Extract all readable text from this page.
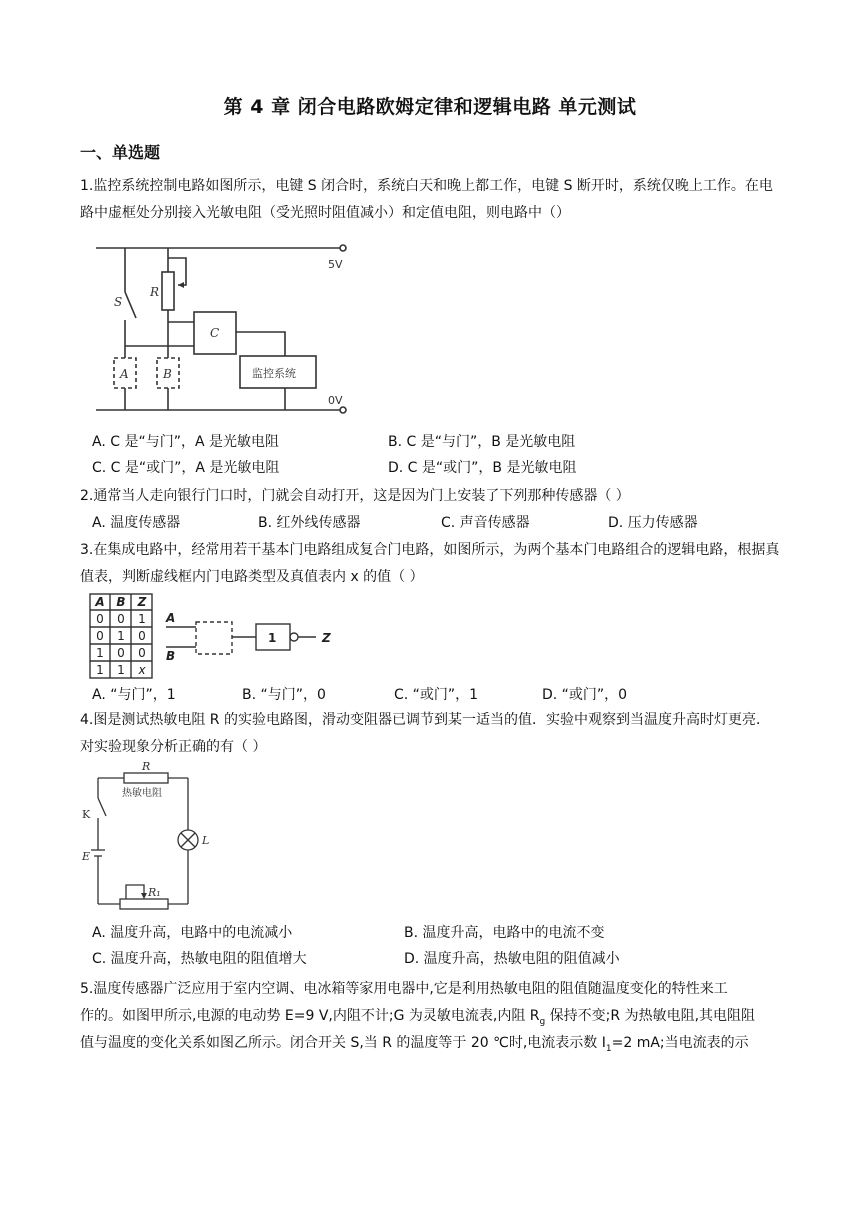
第 4 章 闭合电路欧姆定律和逻辑电路 单元测试
一、单选题
1.监控系统控制电路如图所示，电键 S 闭合时，系统白天和晚上都工作，电键 S 断开时，系统仅晚上工作。在电路中虚框处分别接入光敏电阻（受光照时阻值减小）和定值电阻，则电路中（）
S
R
C
A	B
5V
0V
监控系统
A. C 是“与门”，A 是光敏电阻	B. C 是“与门”，B 是光敏电阻
C. C 是“或门”，A 是光敏电阻	D. C 是“或门”，B 是光敏电阻
2.通常当人走向银行门口时，门就会自动打开，这是因为门上安装了下列那种传感器（ ）
A. 温度传感器	B. 红外线传感器	C. 声音传感器	D. 压力传感器
3.在集成电路中，经常用若干基本门电路组成复合门电路，如图所示，为两个基本门电路组合的逻辑电路，根据真值表，判断虚线框内门电路类型及真值表内 x 的值（ ）
A B Z
0 0 1
0 1 0
1 0 0
1 1 x
A
B
1	Z
A. “与门”，1	B. “与门”，0	C. “或门”，1	D. “或门”，0
4.图是测试热敏电阻 R 的实验电路图，滑动变阻器已调节到某一适当的值．实验中观察到当温度升高时灯更亮．对实验现象分析正确的有（ ）
R
K
E
L
R₁
热敏电阻
A. 温度升高，电路中的电流减小	B. 温度升高，电路中的电流不变
C. 温度升高，热敏电阻的阻值增大	D. 温度升高，热敏电阻的阻值减小
5.温度传感器广泛应用于室内空调、电冰箱等家用电器中,它是利用热敏电阻的阻值随温度变化的特性来工
作的。如图甲所示,电源的电动势 E=9 V,内阻不计;G 为灵敏电流表,内阻 $R_g$ 保持不变;R 为热敏电阻,其电阻阻
值与温度的变化关系如图乙所示。闭合开关 S,当 R 的温度等于 20 ℃时,电流表示数 $I_1=2$ mA;当电流表的示
